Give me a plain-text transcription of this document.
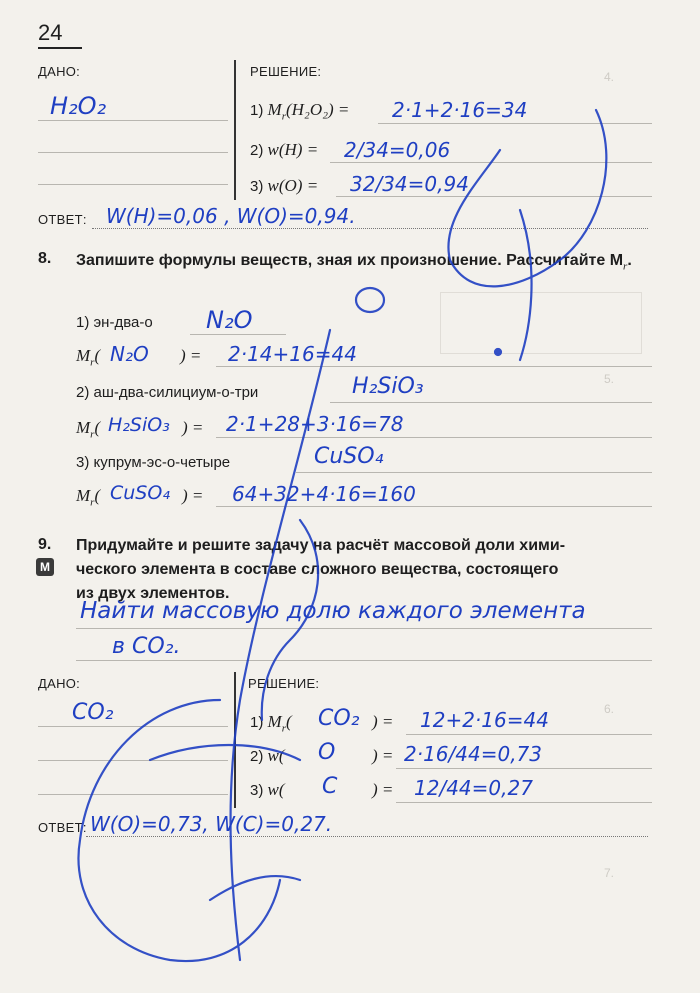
4.
5.
6.
7.
24
ДАНО:
H₂O₂
РЕШЕНИЕ:
1) $M_r(H_2O_2) = 2\cdot 1+2\cdot 16=34$
2) w(H) = 2/34=0,06
3) w(O) = 32/34=0,94
ОТВЕТ: W(H)=0,06 , W(O)=0,94.
8. Запишите формулы веществ, зная их произношение. Рассчитайте $M_r$.
1) эн-два-о N₂O
$M_r$( N₂O ) = 2·14+16=44
2) аш-два-силициум-о-три	H₂SiO₃
$M_r$( H₂SiO₃ ) = 2·1+28+3·16=78
3) купрум-эс-о-четыре	CuSO₄
$M_r$( CuSO₄ ) = 64+32+4·16=160
9.
M
Придумайте и решите задачу на расчёт массовой доли хими-
ческого элемента в составе сложного вещества, состоящего
из двух элементов.
Найти массовую долю каждого элемента
в CO₂.
ДАНО:
CO₂
РЕШЕНИЕ:
1) $M_r$( CO₂ ) = 12+2·16=44
2) w( O ) = 2·16/44=0,73
3) w( C ) = 12/44=0,27
ОТВЕТ: W(O)=0,73, W(C)=0,27.
